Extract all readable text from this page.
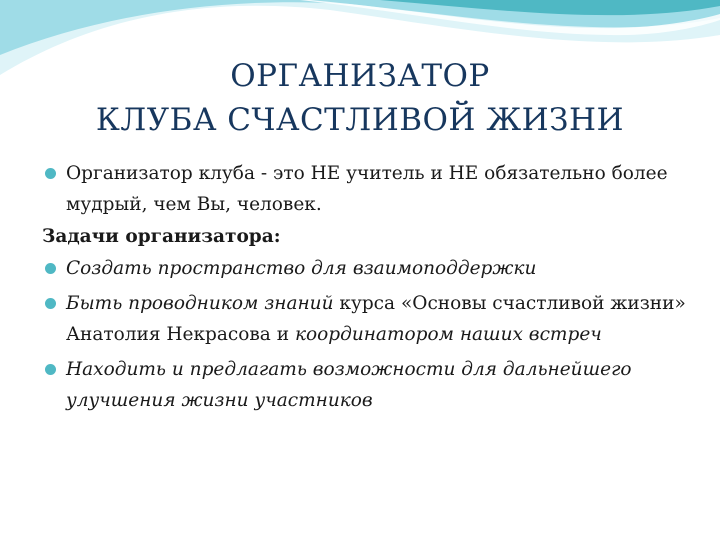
ОРГАНИЗАТОР
КЛУБА СЧАСТЛИВОЙ ЖИЗНИ
Организатор клуба - это НЕ учитель и НЕ обязательно более мудрый, чем Вы, человек.
Задачи организатора:
Создать пространство для взаимоподдержки
Быть проводником знаний курса «Основы счастливой жизни» Анатолия Некрасова и координатором наших встреч
Находить и предлагать возможности для дальнейшего улучшения жизни участников
